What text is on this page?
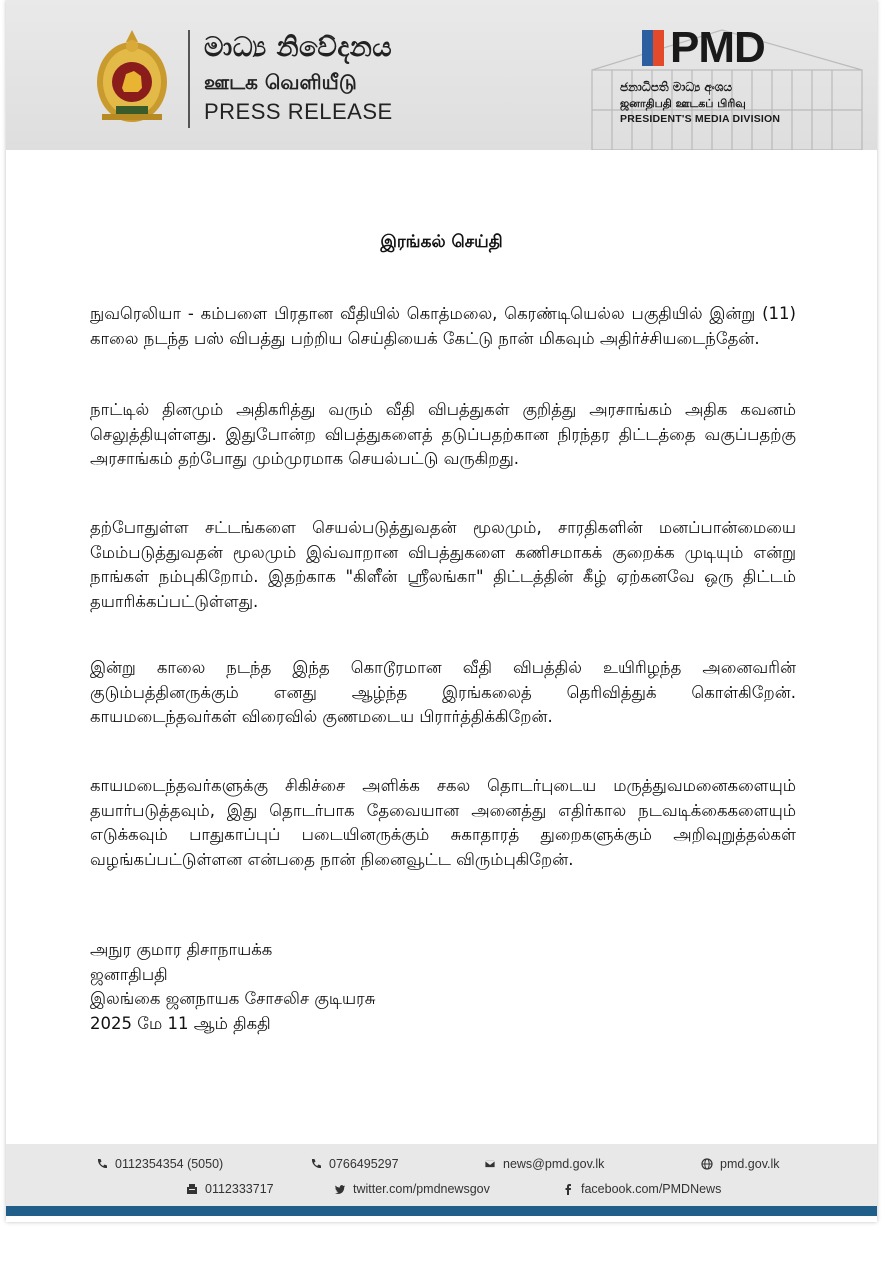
මාධ්‍ය නිවේදනය
ஊடக வெளியீடு
PRESS RELEASE
PMD
ජනාධිපති මාධ්‍ය අංශය
ஜனாதிபதி ஊடகப் பிரிவு
PRESIDENT'S MEDIA DIVISION
இரங்கல் செய்தி
நுவரெலியா - கம்பளை பிரதான வீதியில் கொத்மலை, கெரண்டியெல்ல பகுதியில் இன்று (11) காலை நடந்த பஸ் விபத்து பற்றிய செய்தியைக் கேட்டு நான் மிகவும் அதிர்ச்சியடைந்தேன்.
நாட்டில் தினமும் அதிகரித்து வரும் வீதி விபத்துகள் குறித்து அரசாங்கம் அதிக கவனம் செலுத்தியுள்ளது. இதுபோன்ற விபத்துகளைத் தடுப்பதற்கான நிரந்தர திட்டத்தை வகுப்பதற்கு அரசாங்கம் தற்போது மும்முரமாக செயல்பட்டு வருகிறது.
தற்போதுள்ள சட்டங்களை செயல்படுத்துவதன் மூலமும், சாரதிகளின் மனப்பான்மையை மேம்படுத்துவதன் மூலமும் இவ்வாறான விபத்துகளை கணிசமாகக் குறைக்க முடியும் என்று நாங்கள் நம்புகிறோம். இதற்காக "கிளீன் ஸ்ரீலங்கா" திட்டத்தின் கீழ் ஏற்கனவே ஒரு திட்டம் தயாரிக்கப்பட்டுள்ளது.
இன்று காலை நடந்த இந்த கொடூரமான வீதி விபத்தில் உயிரிழந்த அனைவரின் குடும்பத்தினருக்கும் எனது ஆழ்ந்த இரங்கலைத் தெரிவித்துக் கொள்கிறேன். காயமடைந்தவர்கள் விரைவில் குணமடைய பிரார்த்திக்கிறேன்.
காயமடைந்தவர்களுக்கு சிகிச்சை அளிக்க சகல தொடர்புடைய மருத்துவமனைகளையும் தயார்படுத்தவும், இது தொடர்பாக தேவையான அனைத்து எதிர்கால நடவடிக்கைகளையும் எடுக்கவும் பாதுகாப்புப் படையினருக்கும் சுகாதாரத் துறைகளுக்கும் அறிவுறுத்தல்கள் வழங்கப்பட்டுள்ளன என்பதை நான் நினைவூட்ட விரும்புகிறேன்.
அநுர குமார திசாநாயக்க
ஜனாதிபதி
இலங்கை ஜனநாயக சோசலிச குடியரசு
2025 மே 11 ஆம் திகதி
0112354354 (5050)	0766495297	news@pmd.gov.lk	pmd.gov.lk
0112333717	twitter.com/pmdnewsgov	facebook.com/PMDNews
